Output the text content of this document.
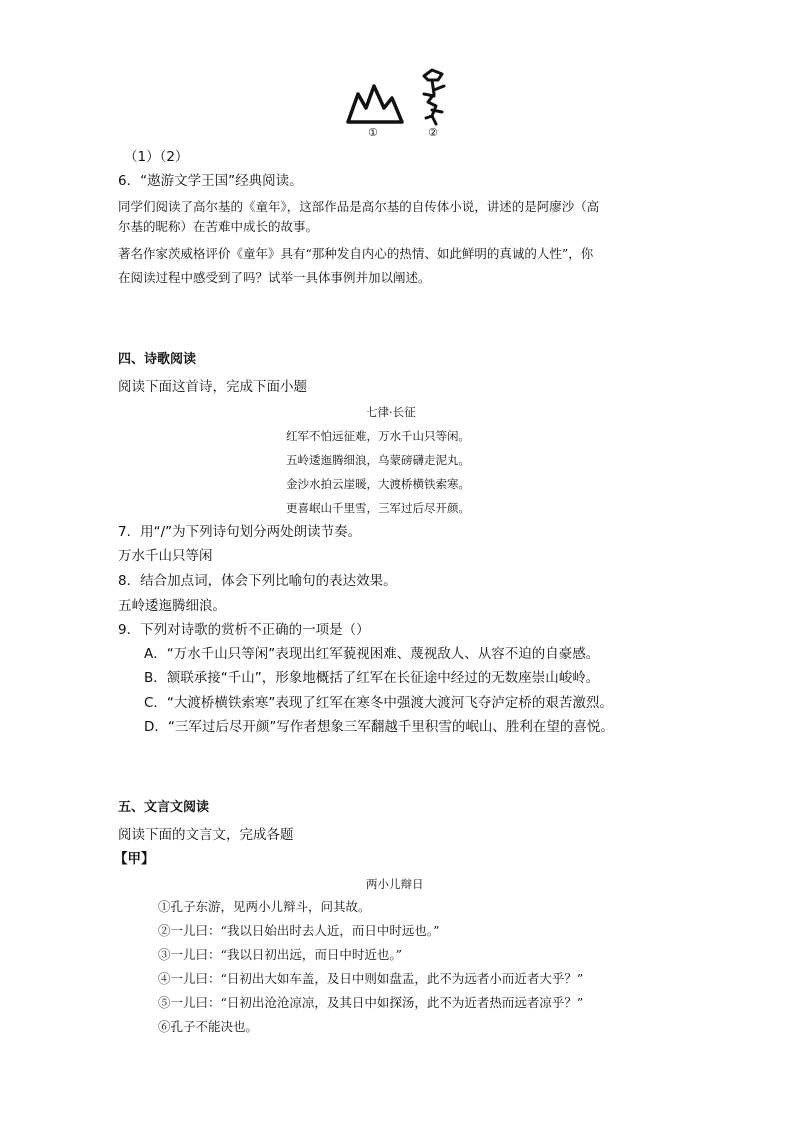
①	②
（1）（2）
6．“遨游文学王国”经典阅读。
同学们阅读了高尔基的《童年》，这部作品是高尔基的自传体小说，讲述的是阿廖沙（高
尔基的昵称）在苦难中成长的故事。
著名作家茨威格评价《童年》具有“那种发自内心的热情、如此鲜明的真诚的人性”，你
在阅读过程中感受到了吗？试举一具体事例并加以阐述。
四、诗歌阅读
阅读下面这首诗，完成下面小题
七律·长征
红军不怕远征难，万水千山只等闲。
五岭逶迤腾细浪，乌蒙磅礴走泥丸。
金沙水拍云崖暖，大渡桥横铁索寒。
更喜岷山千里雪，三军过后尽开颜。
7．用“/”为下列诗句划分两处朗读节奏。
万水千山只等闲
8．结合加点词，体会下列比喻句的表达效果。
五岭逶迤腾细浪。
9．下列对诗歌的赏析不正确的一项是（）
A．“万水千山只等闲”表现出红军藐视困难、蔑视敌人、从容不迫的自豪感。
B．颔联承接“千山”，形象地概括了红军在长征途中经过的无数座崇山峻岭。
C．“大渡桥横铁索寒”表现了红军在寒冬中强渡大渡河飞夺泸定桥的艰苦激烈。
D．“三军过后尽开颜”写作者想象三军翻越千里积雪的岷山、胜利在望的喜悦。
五、文言文阅读
阅读下面的文言文，完成各题
【甲】
两小儿辩日
①孔子东游，见两小儿辩斗，问其故。
②一儿曰：“我以日始出时去人近，而日中时远也。”
③一儿曰：“我以日初出远，而日中时近也。”
④一儿曰：“日初出大如车盖，及日中则如盘盂，此不为远者小而近者大乎？”
⑤一儿曰：“日初出沧沧凉凉，及其日中如探汤，此不为近者热而远者凉乎？”
⑥孔子不能决也。
